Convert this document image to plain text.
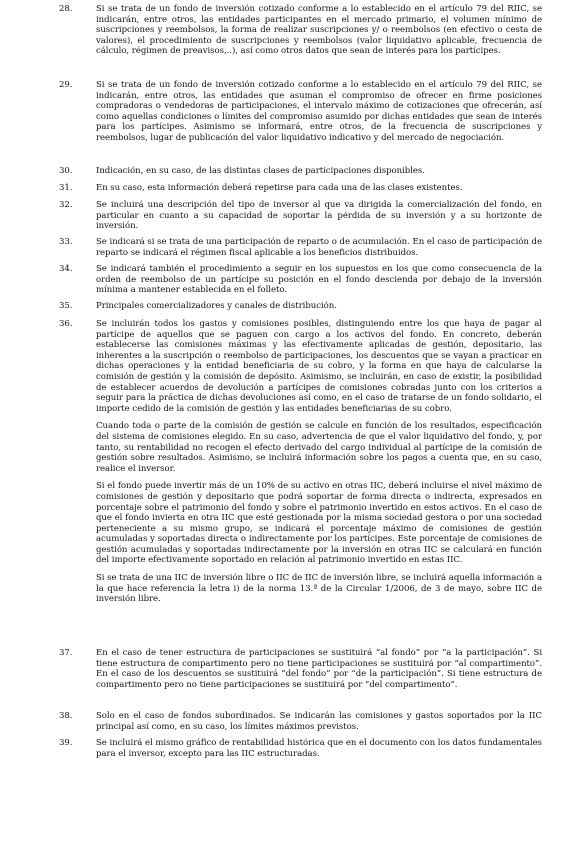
28.	Si se trata de un fondo de inversión cotizado conforme a lo establecido en el artículo 79 del RIIC, se indicarán, entre otros, las entidades participantes en el mercado primario, el volumen mínimo de suscripciones y reembolsos, la forma de realizar suscripciones y/ o reembolsos (en efectivo o cesta de valores), el procedimiento de suscripciones y reembolsos (valor liquidativo aplicable, frecuencia de cálculo, régimen de preavisos,..), así como otros datos que sean de interés para los partícipes.

29.	Si se trata de un fondo de inversión cotizado conforme a lo establecido en el artículo 79 del RIIC, se indicarán, entre otros, las entidades que asuman el compromiso de ofrecer en firme posiciones compradoras o vendedoras de participaciones, el intervalo máximo de cotizaciones que ofrecerán, así como aquellas condiciones o límites del compromiso asumido por dichas entidades que sean de interés para los partícipes. Asimismo se informará, entre otros, de la frecuencia de suscripciones y reembolsos, lugar de publicación del valor liquidativo indicativo y del mercado de negociación.

30.	Indicación, en su caso, de las distintas clases de participaciones disponibles.

31.	En su caso, esta información deberá repetirse para cada una de las clases existentes.

32.	Se incluirá una descripción del tipo de inversor al que va dirigida la comercialización del fondo, en particular en cuanto a su capacidad de soportar la pérdida de su inversión y a su horizonte de inversión.

33.	Se indicará si se trata de una participación de reparto o de acumulación. En el caso de participación de reparto se indicará el régimen fiscal aplicable a los beneficios distribuidos.

34.	Se indicará también el procedimiento a seguir en los supuestos en los que como consecuencia de la orden de reembolso de un partícipe su posición en el fondo descienda por debajo de la inversión mínima a mantener establecida en el folleto.

35.	Principales comercializadores y canales de distribución.

36.	Se incluirán todos los gastos y comisiones posibles, distinguiendo entre los que haya de pagar al partícipe de aquellos que se paguen con cargo a los activos del fondo. En concreto, deberán establecerse las comisiones máximas y las efectivamente aplicadas de gestión, depositario, las inherentes a la suscripción o reembolso de participaciones, los descuentos que se vayan a practicar en dichas operaciones y la entidad beneficiaria de su cobro, y la forma en que haya de calcularse la comisión de gestión y la comisión de depósito. Asimismo, se incluirán, en caso de existir, la posibilidad de establecer acuerdos de devolución a partícipes de comisiones cobradas junto con los criterios a seguir para la práctica de dichas devoluciones así como, en el caso de tratarse de un fondo solidario, el importe cedido de la comisión de gestión y las entidades beneficiarias de su cobro.

Cuando toda o parte de la comisión de gestión se calcule en función de los resultados, especificación del sistema de comisiones elegido. En su caso, advertencia de que el valor liquidativo del fondo, y, por tanto, su rentabilidad no recogen el efecto derivado del cargo individual al partícipe de la comisión de gestión sobre resultados. Asimismo, se incluirá información sobre los pagos a cuenta que, en su caso, realice el inversor.

Si el fondo puede invertir más de un 10% de su activo en otras IIC, deberá incluirse el nivel máximo de comisiones de gestión y depositario que podrá soportar de forma directa o indirecta, expresados en porcentaje sobre el patrimonio del fondo y sobre el patrimonio invertido en estos activos. En el caso de que el fondo invierta en otra IIC que esté gestionada por la misma sociedad gestora o por una sociedad perteneciente a su mismo grupo, se indicará el porcentaje máximo de comisiones de gestión acumuladas y soportadas directa o indirectamente por los partícipes. Este porcentaje de comisiones de gestión acumuladas y soportadas indirectamente por la inversión en otras IIC se calculará en función del importe efectivamente soportado en relación al patrimonio invertido en estas IIC.

Si se trata de una IIC de inversión libre o IIC de IIC de inversión libre, se incluirá aquella información a la que hace referencia la letra i) de la norma 13.ª de la Circular 1/2006, de 3 de mayo, sobre IIC de inversión libre.

37.	En el caso de tener estructura de participaciones se sustituirá “al fondo” por “a la participación”. Si tiene estructura de compartimento pero no tiene participaciones se sustituirá por “al compartimento”. En el caso de los descuentos se sustituirá “del fondo” por “de la participación”. Si tiene estructura de compartimento pero no tiene participaciones se sustituirá por “del compartimento”.

38.	Solo en el caso de fondos subordinados. Se indicarán las comisiones y gastos soportados por la IIC principal así como, en su caso, los límites máximos previstos.

39.	Se incluirá el mismo gráfico de rentabilidad histórica que en el documento con los datos fundamentales para el inversor, excepto para las IIC estructuradas.
